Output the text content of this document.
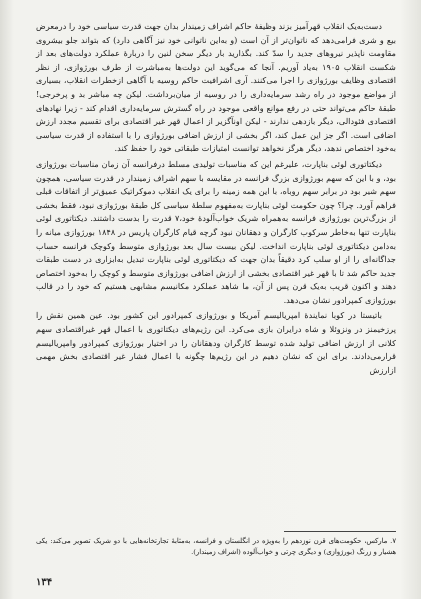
دست‌به‌یک انقلاب قهرآمیز بزند وظیفهٔ حاکم اشراف زمیندار بدان جهت قدرت سیاسی خود را درمعرض بیع و شری فرامی‌دهد که ناتوان‌تر از آن است (و به‌این ناتوانی خود نیز آگاهی دارد) که بتواند جلو بیشروی مقاومت ناپذیر نیروهای جدید را سدّ کند. بگذارید بار دیگر سخن لنین را دربارهٔ عملکرد دولت‌های بعد از شکست انقلاب ۱۹۰۵ به‌یاد آوریم. آنجا که می‌گوید این دولت‌ها به‌مباشرت از طرف بورژوازی، از نظر اقتصادی وظایف بورژوازی را اجرا می‌کنند. آری اشرافیت حاکم روسیه با آگاهی ازخطرات انقلاب، بسیاری از مواضع موجود در راه رشد سرمایه‌داری را در روسیه از میان‌برداشت. لیکن چه مباشر بد و پرخرجی! طبقهٔ حاکم می‌تواند حتی در رفع موانع واقعی موجود در راه گسترش سرمایه‌داری اقدام کند - زیرا نهادهای اقتصادی فئودالی، دیگر بازدهی ندارند - لیکن اونآگزیر از اعمال قهر غیر اقتصادی برای تقسیم مجدد ارزش اضافی است. اگر جز این عمل کند، اگر بخشی از ارزش اضافی بورژوازی را با استفاده از قدرت سیاسی به‌خود اختصاص ندهد، دیگر هرگز نخواهد توانست امتیازات طبقاتی خود را حفظ کند.

دیکتاتوری لوئی بناپارت، علیرغم این که مناسبات تولیدی مسلط درفرانسه آن زمان مناسبات بورژوازی بود، و با این که سهم بورژوازی بزرگ فرانسه در مقایسه با سهم اشراف زمیندار در قدرت سیاسی، همچون سهم شیر بود در برابر سهم روباه، با این همه زمینه را برای یک انقلاب دموکراتیک عمیق‌تر از اتفاقات قبلی فراهم آورد. چرا؟ چون حکومت لوئی بناپارت به‌مفهوم سلطهٔ سیاسی کل طبقهٔ بورژوازی نبود، فقط بخشی از بزرگ‌ترین بورژوازی فرانسه به‌همراه شریک خواب‌آلودهٔ خود،۷ قدرت را بدست داشتند. دیکتاتوری لوئی بناپارت تنها به‌خاطر سرکوب کارگران و دهقانان نبود گرچه قیام کارگران پاریس در ۱۸۴۸ بورژوازی میانه را به‌دامن دیکتاتوری لوئی بناپارت انداخت. لیکن بیست سال بعد بورژوازی متوسط وکوچک فرانسه حساب جداگانه‌ای را از او سلب کرد دقیقاً بدان جهت که دیکتاتوری لوئی بناپارت تبدیل به‌ابزاری در دست طبقات جدید حاکم شد تا با قهر غیر اقتصادی بخشی از ارزش اضافی بورژوازی متوسط و کوچک را به‌خود اختصاص دهند و اکنون قریب به‌یک قرن پس از آن، ما شاهد عملکرد مکانیسم مشابهی هستیم که خود را در قالب بورژوازی کمپرادور نشان می‌دهد.

باتیستا در کوبا نماینده‌ٔ امپریالیسم آمریکا و بورژوازی کمپرادور این کشور بود. عین همین نقش را پرزخیمنز در ونزوئلا و شاه درایران بازی می‌کرد. این رژیم‌های دیکتاتوری با اعمال قهر غیراقتصادی سهم کلانی از ارزش اضافی تولید شده توسط کارگران ودهقانان را در اختیار بورژوازی کمپرادور وامپریالیسم قرارمی‌دادند. برای این که نشان دهیم در این رژیم‌ها چگونه با اعمال فشار غیر اقتصادی بخش مهمی ازارزش

۷. مارکس، حکومت‌های قرن نوزدهم را به‌ویژه در انگلستان و فرانسه، به‌مثابهٔ تجارتخانه‌هایی با دو شریک تصویر می‌کند: یکی هشیار و زرنگ (بورژوازی) و دیگری چرتی و خواب‌آلوده (اشراف زمیندار).
۱۳۴
